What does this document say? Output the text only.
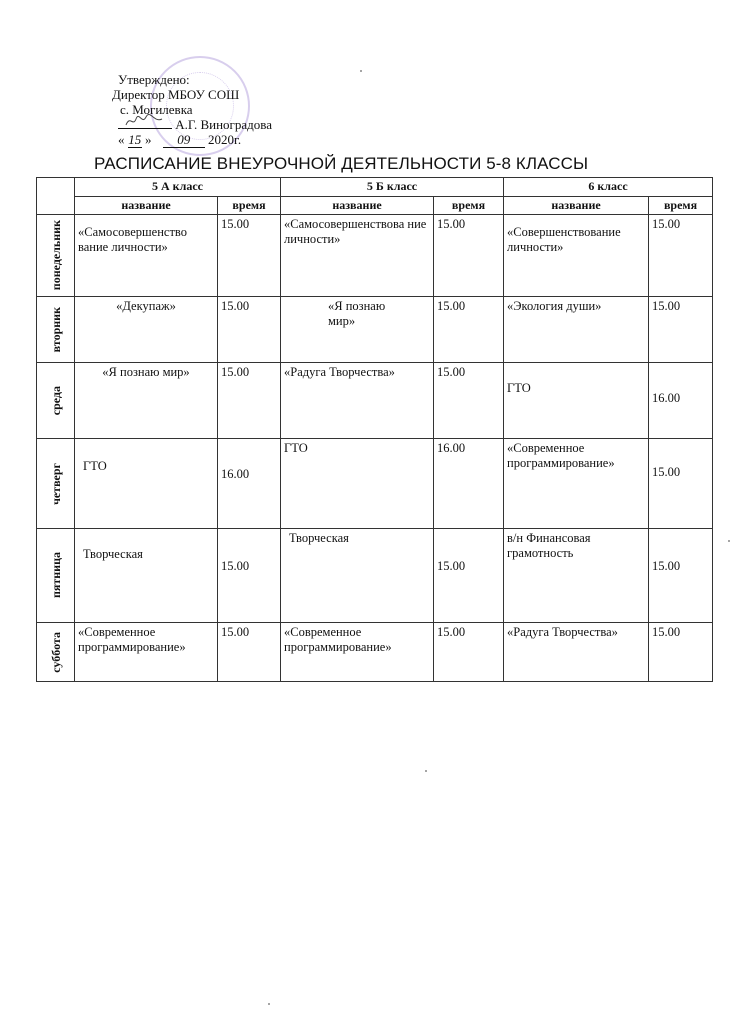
Утверждено:
Директор МБОУ СОШ
с. Могилевка

А.Г. Виноградова
« 15 » 09 2020г.
РАСПИСАНИЕ ВНЕУРОЧНОЙ ДЕЯТЕЛЬНОСТИ 5-8 КЛАССЫ
	5 А класс		5 Б класс		6 класс	
	название	время	название	время	название	время

понедельник	«Самосовершенство вание личности»	15.00	«Самосовершенствова ние личности»	15.00	«Совершенствование личности»	15.00

вторник	«Декупаж»	15.00	«Я познаю мир»	15.00	«Экология души»	15.00

среда	«Я познаю мир»	15.00	«Радуга Творчества»	15.00	ГТО	16.00

четверг	ГТО	16.00	ГТО	16.00	«Современное программирование»	15.00

пятница	Творческая	15.00	Творческая	15.00	в/н Финансовая грамотность	15.00

суббота	«Современное программирование»	15.00	«Современное программирование»	15.00	«Радуга Творчества»	15.00
